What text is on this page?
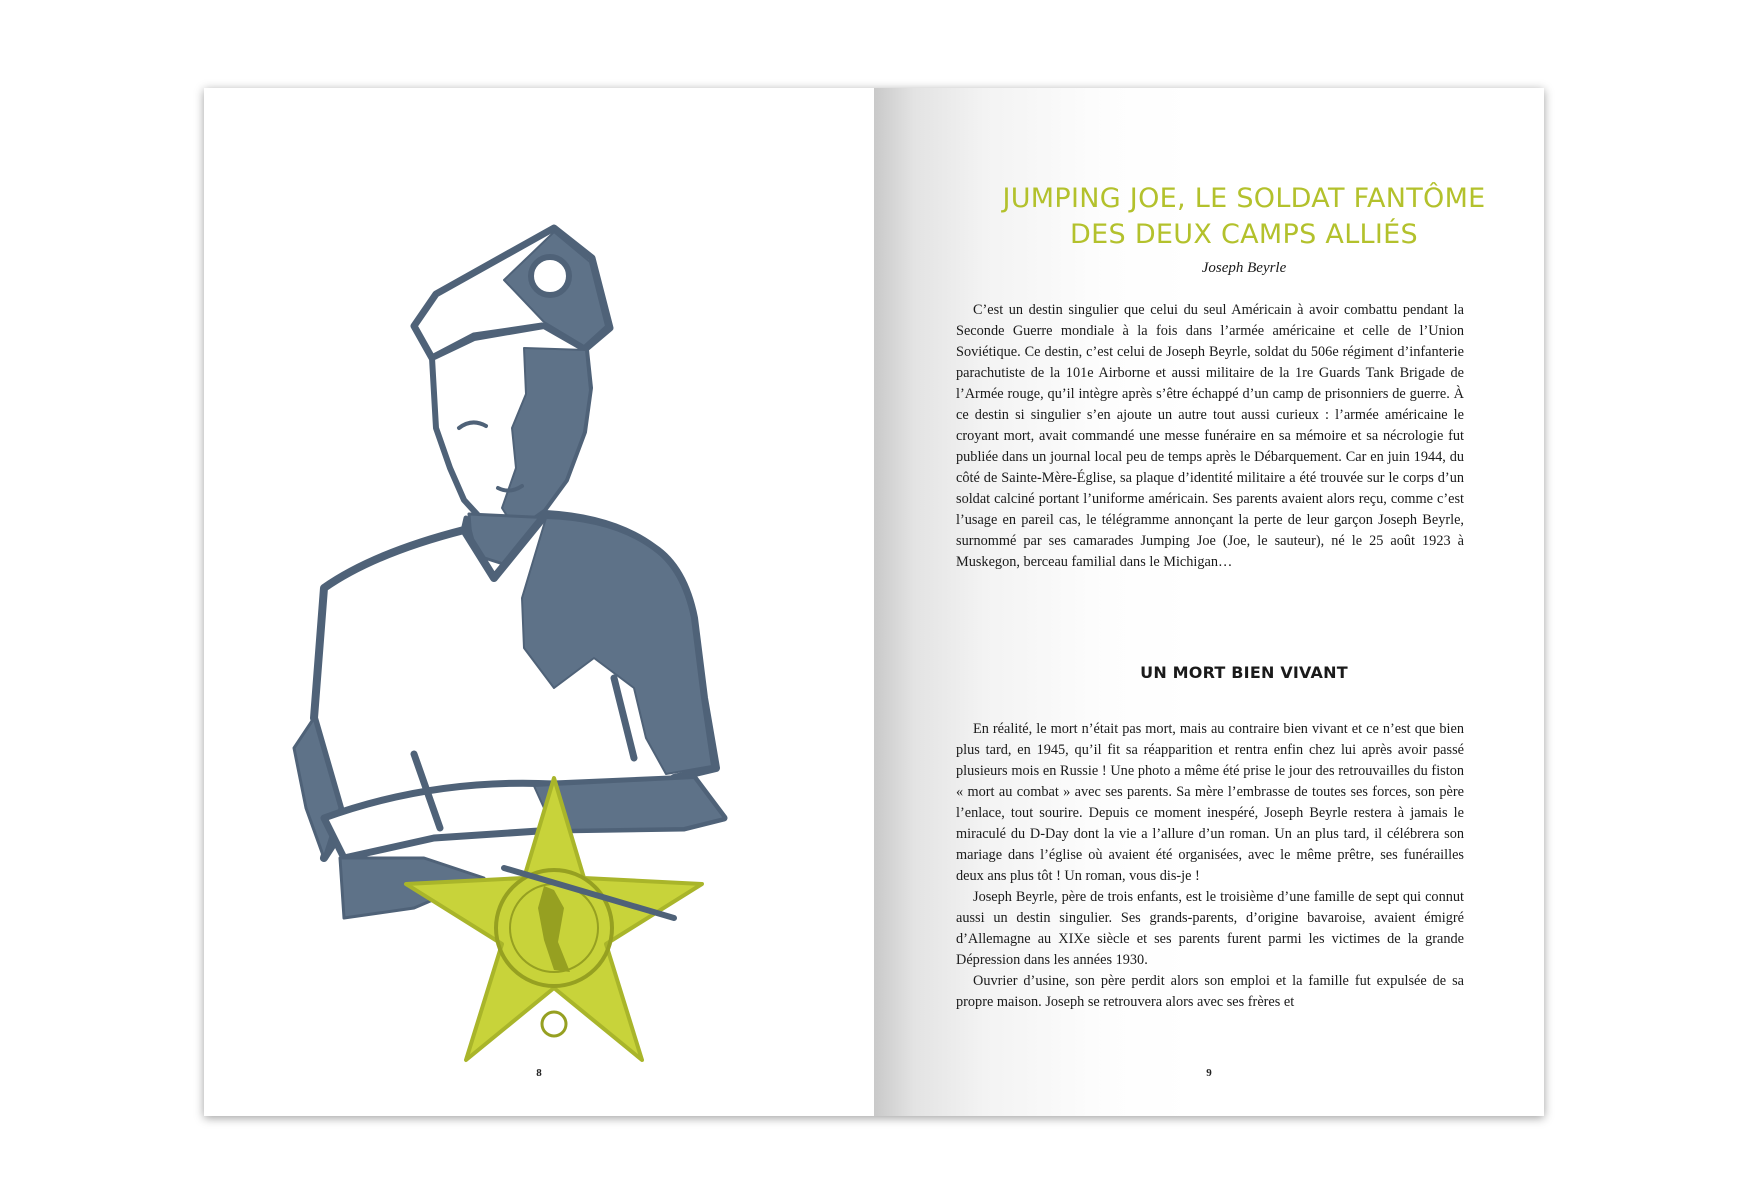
8
JUMPING JOE, LE SOLDAT FANTÔME
DES DEUX CAMPS ALLIÉS
Joseph Beyrle

C’est un destin singulier que celui du seul Américain à avoir combattu pendant la Seconde Guerre mondiale à la fois dans l’armée américaine et celle de l’Union Soviétique. Ce destin, c’est celui de Joseph Beyrle, soldat du 506e régiment d’infanterie parachutiste de la 101e Airborne et aussi militaire de la 1re Guards Tank Brigade de l’Armée rouge, qu’il intègre après s’être échappé d’un camp de prisonniers de guerre. À ce destin si singulier s’en ajoute un autre tout aussi curieux : l’armée américaine le croyant mort, avait commandé une messe funéraire en sa mémoire et sa nécrologie fut publiée dans un journal local peu de temps après le Débarquement. Car en juin 1944, du côté de Sainte-Mère-Église, sa plaque d’identité militaire a été trouvée sur le corps d’un soldat calciné portant l’uniforme américain. Ses parents avaient alors reçu, comme c’est l’usage en pareil cas, le télégramme annonçant la perte de leur garçon Joseph Beyrle, surnommé par ses camarades Jumping Joe (Joe, le sauteur), né le 25 août 1923 à Muskegon, berceau familial dans le Michigan…

UN MORT BIEN VIVANT

En réalité, le mort n’était pas mort, mais au contraire bien vivant et ce n’est que bien plus tard, en 1945, qu’il fit sa réapparition et rentra enfin chez lui après avoir passé plusieurs mois en Russie ! Une photo a même été prise le jour des retrouvailles du fiston « mort au combat » avec ses parents. Sa mère l’embrasse de toutes ses forces, son père l’enlace, tout sourire. Depuis ce moment inespéré, Joseph Beyrle restera à jamais le miraculé du D-Day dont la vie a l’allure d’un roman. Un an plus tard, il célébrera son mariage dans l’église où avaient été organisées, avec le même prêtre, ses funérailles deux ans plus tôt ! Un roman, vous dis-je !

Joseph Beyrle, père de trois enfants, est le troisième d’une famille de sept qui connut aussi un destin singulier. Ses grands-parents, d’origine bavaroise, avaient émigré d’Allemagne au XIXe siècle et ses parents furent parmi les victimes de la grande Dépression dans les années 1930.

Ouvrier d’usine, son père perdit alors son emploi et la famille fut expulsée de sa propre maison. Joseph se retrouvera alors avec ses frères et

9
